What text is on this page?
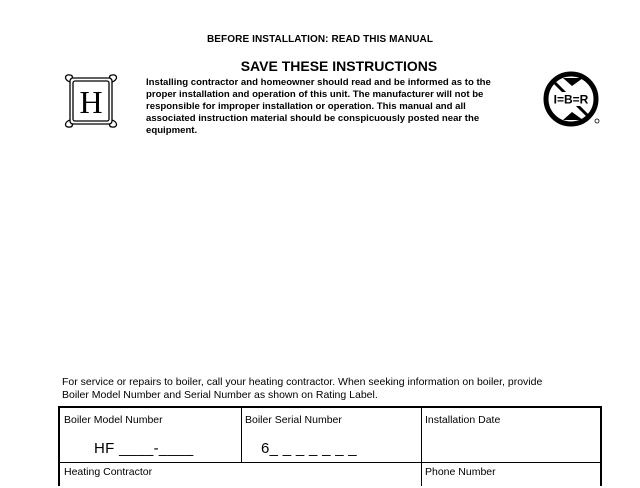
BEFORE INSTALLATION: READ THIS MANUAL
H
SAVE THESE INSTRUCTIONS
Installing contractor and homeowner should read and be informed as to the
proper installation and operation of this unit. The manufacturer will not be
responsible for improper installation or operation. This manual and all
associated instruction material should be conspicuously posted near the
equipment.
I=B=R
For service or repairs to boiler, call your heating contractor. When seeking information on boiler, provide
Boiler Model Number and Serial Number as shown on Rating Label.
Boiler Model Number
HF ____-____
Boiler Serial Number
6_ _ _ _ _ _ _
Installation Date
Heating Contractor	Phone Number
